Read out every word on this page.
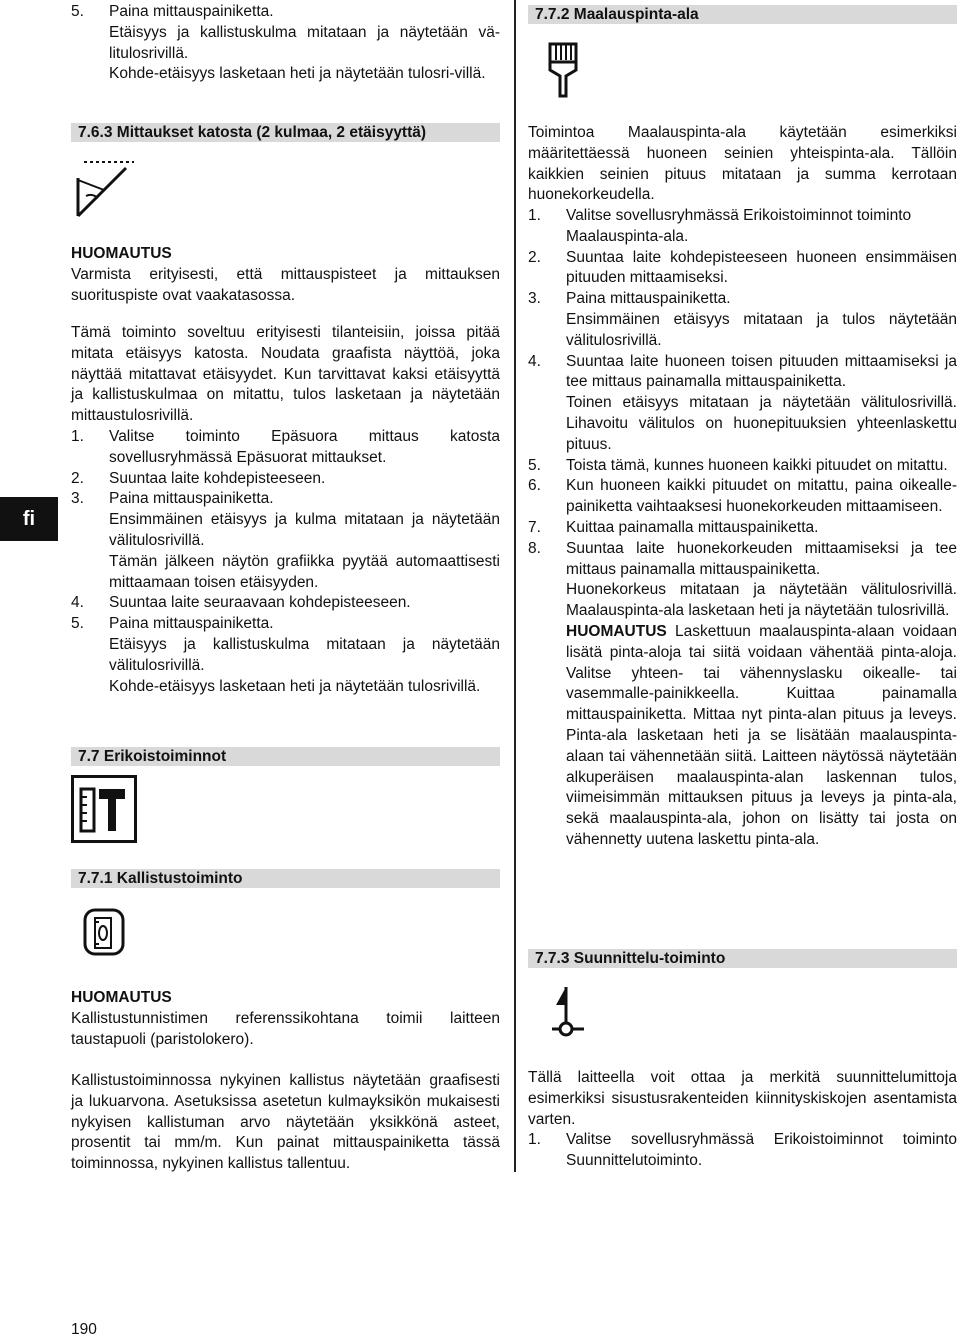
fi
5. Paina mittauspainiketta.
Etäisyys ja kallistuskulma mitataan ja näytetään vä-litulosrivillä.
Kohde-etäisyys lasketaan heti ja näytetään tulosri-villä.
7.6.3 Mittaukset katosta (2 kulmaa, 2 etäisyyttä)
HUOMAUTUS
Varmista erityisesti, että mittauspisteet ja mittauksen suorituspiste ovat vaakatasossa.
Tämä toiminto soveltuu erityisesti tilanteisiin, joissa pitää mitata etäisyys katosta. Noudata graafista näyttöä, joka näyttää mitattavat etäisyydet. Kun tarvittavat kaksi etäisyyttä ja kallistuskulmaa on mitattu, tulos lasketaan ja näytetään mittaustulosrivillä.
1. Valitse toiminto Epäsuora mittaus katosta sovellusryhmässä Epäsuorat mittaukset.
2. Suuntaa laite kohdepisteeseen.
3. Paina mittauspainiketta.
Ensimmäinen etäisyys ja kulma mitataan ja näytetään välitulosrivillä.
Tämän jälkeen näytön grafiikka pyytää automaattisesti mittaamaan toisen etäisyyden.
4. Suuntaa laite seuraavaan kohdepisteeseen.
5. Paina mittauspainiketta.
Etäisyys ja kallistuskulma mitataan ja näytetään välitulosrivillä.
Kohde-etäisyys lasketaan heti ja näytetään tulosrivillä.
7.7 Erikoistoiminnot
7.7.1 Kallistustoiminto
HUOMAUTUS
Kallistustunnistimen referenssikohtana toimii laitteen taustapuoli (paristolokero).
Kallistustoiminnossa nykyinen kallistus näytetään graafisesti ja lukuarvona. Asetuksissa asetetun kulmayksikön mukaisesti nykyisen kallistuman arvo näytetään yksikkönä asteet, prosentit tai mm/m. Kun painat mittauspainiketta tässä toiminnossa, nykyinen kallistus tallentuu.
7.7.2 Maalauspinta-ala
Toimintoa Maalauspinta-ala käytetään esimerkiksi määritettäessä huoneen seinien yhteispinta-ala. Tällöin kaikkien seinien pituus mitataan ja summa kerrotaan huonekorkeudella.
1. Valitse sovellusryhmässä Erikoistoiminnot toiminto Maalauspinta-ala.
2. Suuntaa laite kohdepisteeseen huoneen ensimmäisen pituuden mittaamiseksi.
3. Paina mittauspainiketta.
Ensimmäinen etäisyys mitataan ja tulos näytetään välitulosrivillä.
4. Suuntaa laite huoneen toisen pituuden mittaamiseksi ja tee mittaus painamalla mittauspainiketta.
Toinen etäisyys mitataan ja näytetään välitulosrivillä. Lihavoitu välitulos on huonepituuksien yhteenlaskettu pituus.
5. Toista tämä, kunnes huoneen kaikki pituudet on mitattu.
6. Kun huoneen kaikki pituudet on mitattu, paina oikealle-painiketta vaihtaaksesi huonekorkeuden mittaamiseen.
7. Kuittaa painamalla mittauspainiketta.
8. Suuntaa laite huonekorkeuden mittaamiseksi ja tee mittaus painamalla mittauspainiketta.
Huonekorkeus mitataan ja näytetään välitulosrivillä. Maalauspinta-ala lasketaan heti ja näytetään tulosrivillä.
HUOMAUTUS Laskettuun maalauspinta-alaan voidaan lisätä pinta-aloja tai siitä voidaan vähentää pinta-aloja. Valitse yhteen- tai vähennyslasku oikealle- tai vasemmalle-painikkeella. Kuittaa painamalla mittauspainiketta. Mittaa nyt pinta-alan pituus ja leveys. Pinta-ala lasketaan heti ja se lisätään maalauspinta-alaan tai vähennetään siitä. Laitteen näytössä näytetään alkuperäisen maalauspinta-alan laskennan tulos, viimeisimmän mittauksen pituus ja leveys ja pinta-ala, sekä maalauspinta-ala, johon on lisätty tai josta on vähennetty uutena laskettu pinta-ala.
7.7.3 Suunnittelu-toiminto
Tällä laitteella voit ottaa ja merkitä suunnittelumittoja esimerkiksi sisustusrakenteiden kiinnityskiskojen asentamista varten.
1. Valitse sovellusryhmässä Erikoistoiminnot toiminto Suunnittelutoiminto.
190
